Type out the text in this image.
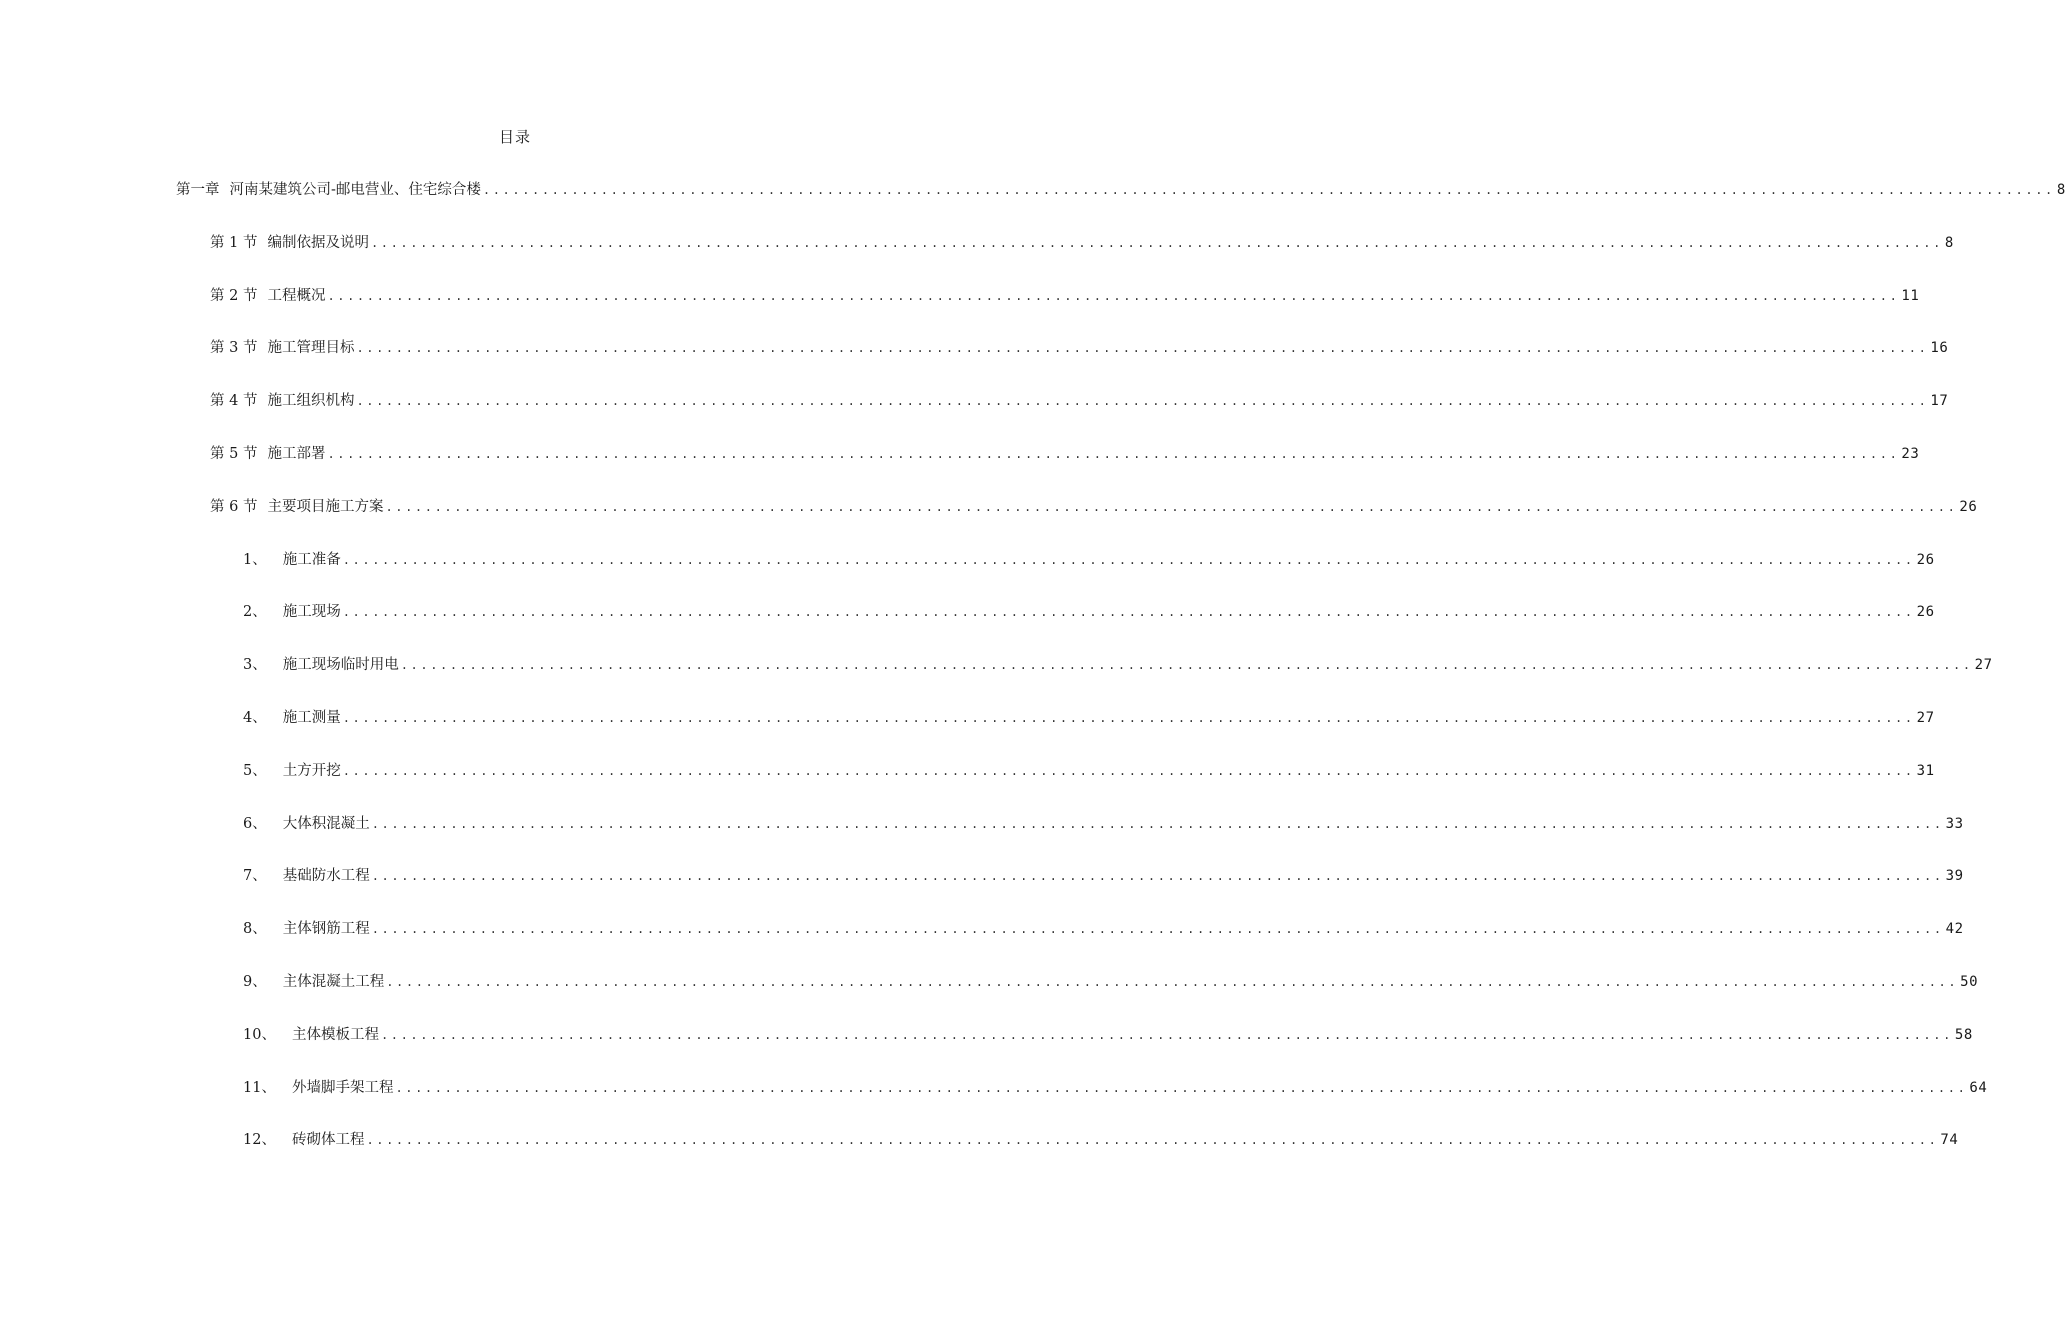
目录
第一章 河南某建筑公司-邮电营业、住宅综合楼 ................................................................................................................................................................ 8
第 1 节 编制依据及说明 ................................................................................................................................................................ 8
第 2 节 工程概况 ................................................................................................................................................................ 11
第 3 节 施工管理目标 ................................................................................................................................................................ 16
第 4 节 施工组织机构 ................................................................................................................................................................ 17
第 5 节 施工部署 ................................................................................................................................................................ 23
第 6 节 主要项目施工方案 ................................................................................................................................................................ 26
1、 施工准备 ................................................................................................................................................................ 26
2、 施工现场 ................................................................................................................................................................ 26
3、 施工现场临时用电 ................................................................................................................................................................ 27
4、 施工测量 ................................................................................................................................................................ 27
5、 土方开挖 ................................................................................................................................................................ 31
6、 大体积混凝土 ................................................................................................................................................................ 33
7、 基础防水工程 ................................................................................................................................................................ 39
8、 主体钢筋工程 ................................................................................................................................................................ 42
9、 主体混凝土工程 ................................................................................................................................................................ 50
10、 主体模板工程 ................................................................................................................................................................ 58
11、 外墙脚手架工程 ................................................................................................................................................................ 64
12、 砖砌体工程 ................................................................................................................................................................ 74
